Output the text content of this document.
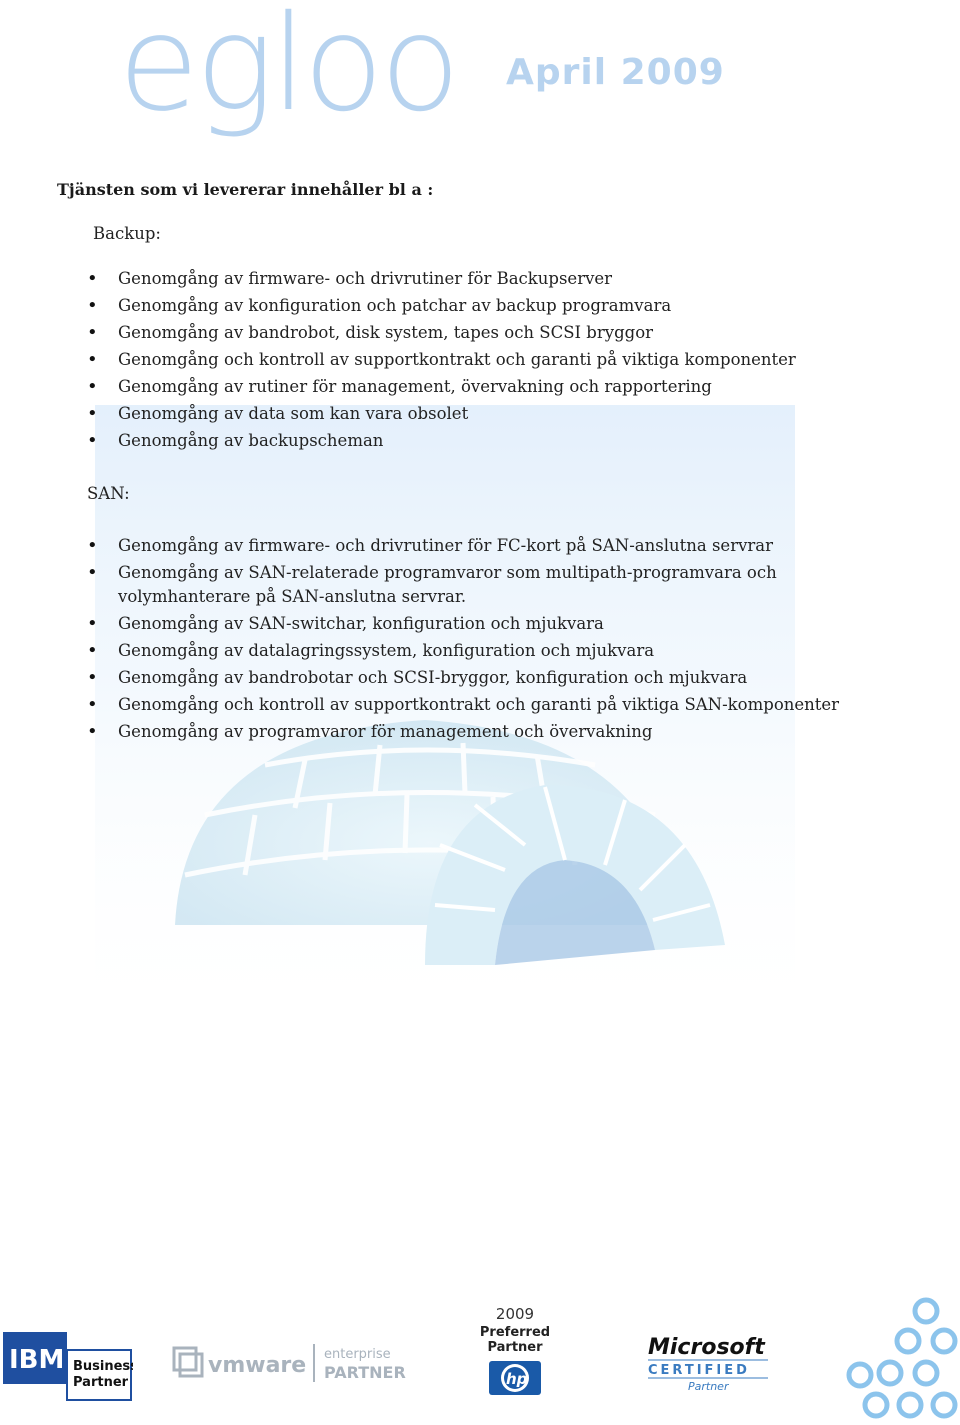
egloo April 2009
Tjänsten som vi levererar innehåller bl a :
Backup:
• Genomgång av firmware- och drivrutiner för Backupserver
• Genomgång av konfiguration och patchar av backup programvara
• Genomgång av bandrobot, disk system, tapes och SCSI bryggor
• Genomgång och kontroll av supportkontrakt och garanti på viktiga komponenter
• Genomgång av rutiner för management, övervakning och rapportering
• Genomgång av data som kan vara obsolet
• Genomgång av backupscheman
SAN:
• Genomgång av firmware- och drivrutiner för FC-kort på SAN-anslutna servrar
• Genomgång av SAN-relaterade programvaror som multipath-programvara och volymhanterare på SAN-anslutna servrar.
• Genomgång av SAN-switchar, konfiguration och mjukvara
• Genomgång av datalagringssystem, konfiguration och mjukvara
• Genomgång av bandrobotar och SCSI-bryggor, konfiguration och mjukvara
• Genomgång och kontroll av supportkontrakt och garanti på viktiga SAN-komponenter
• Genomgång av programvaror för management och övervakning
IBM Business
Partner
vmware enterprise
PARTNER
2009
Preferred Partner
hp
Microsoft
CERTIFIED
Partner
